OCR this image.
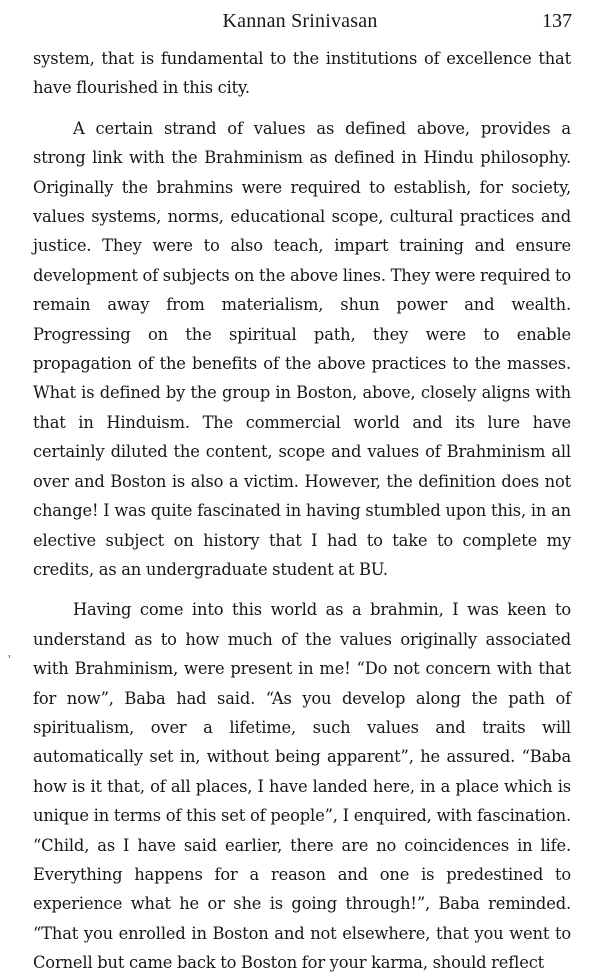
Kannan Srinivasan	137

system, that is fundamental to the institutions of excellence that have flourished in this city.

A certain strand of values as defined above, provides a strong link with the Brahminism as defined in Hindu philosophy. Originally the brahmins were required to establish, for society, values systems, norms, educational scope, cultural practices and justice. They were to also teach, impart training and ensure development of subjects on the above lines. They were required to remain away from materialism, shun power and wealth. Progressing on the spiritual path, they were to enable propagation of the benefits of the above practices to the masses. What is defined by the group in Boston, above, closely aligns with that in Hinduism. The commercial world and its lure have certainly diluted the content, scope and values of Brahminism all over and Boston is also a victim. However, the definition does not change! I was quite fascinated in having stumbled upon this, in an elective subject on history that I had to take to complete my credits, as an undergraduate student at BU.

Having come into this world as a brahmin, I was keen to understand as to how much of the values originally associated with Brahminism, were present in me! “Do not concern with that for now”, Baba had said. “As you develop along the path of spiritualism, over a lifetime, such values and traits will automatically set in, without being apparent”, he assured. “Baba how is it that, of all places, I have landed here, in a place which is unique in terms of this set of people”, I enquired, with fascination. “Child, as I have said earlier, there are no coincidences in life. Everything happens for a reason and one is predestined to experience what he or she is going through!”, Baba reminded. “That you enrolled in Boston and not elsewhere, that you went to Cornell but came back to Boston for your karma, should reflect

˒
